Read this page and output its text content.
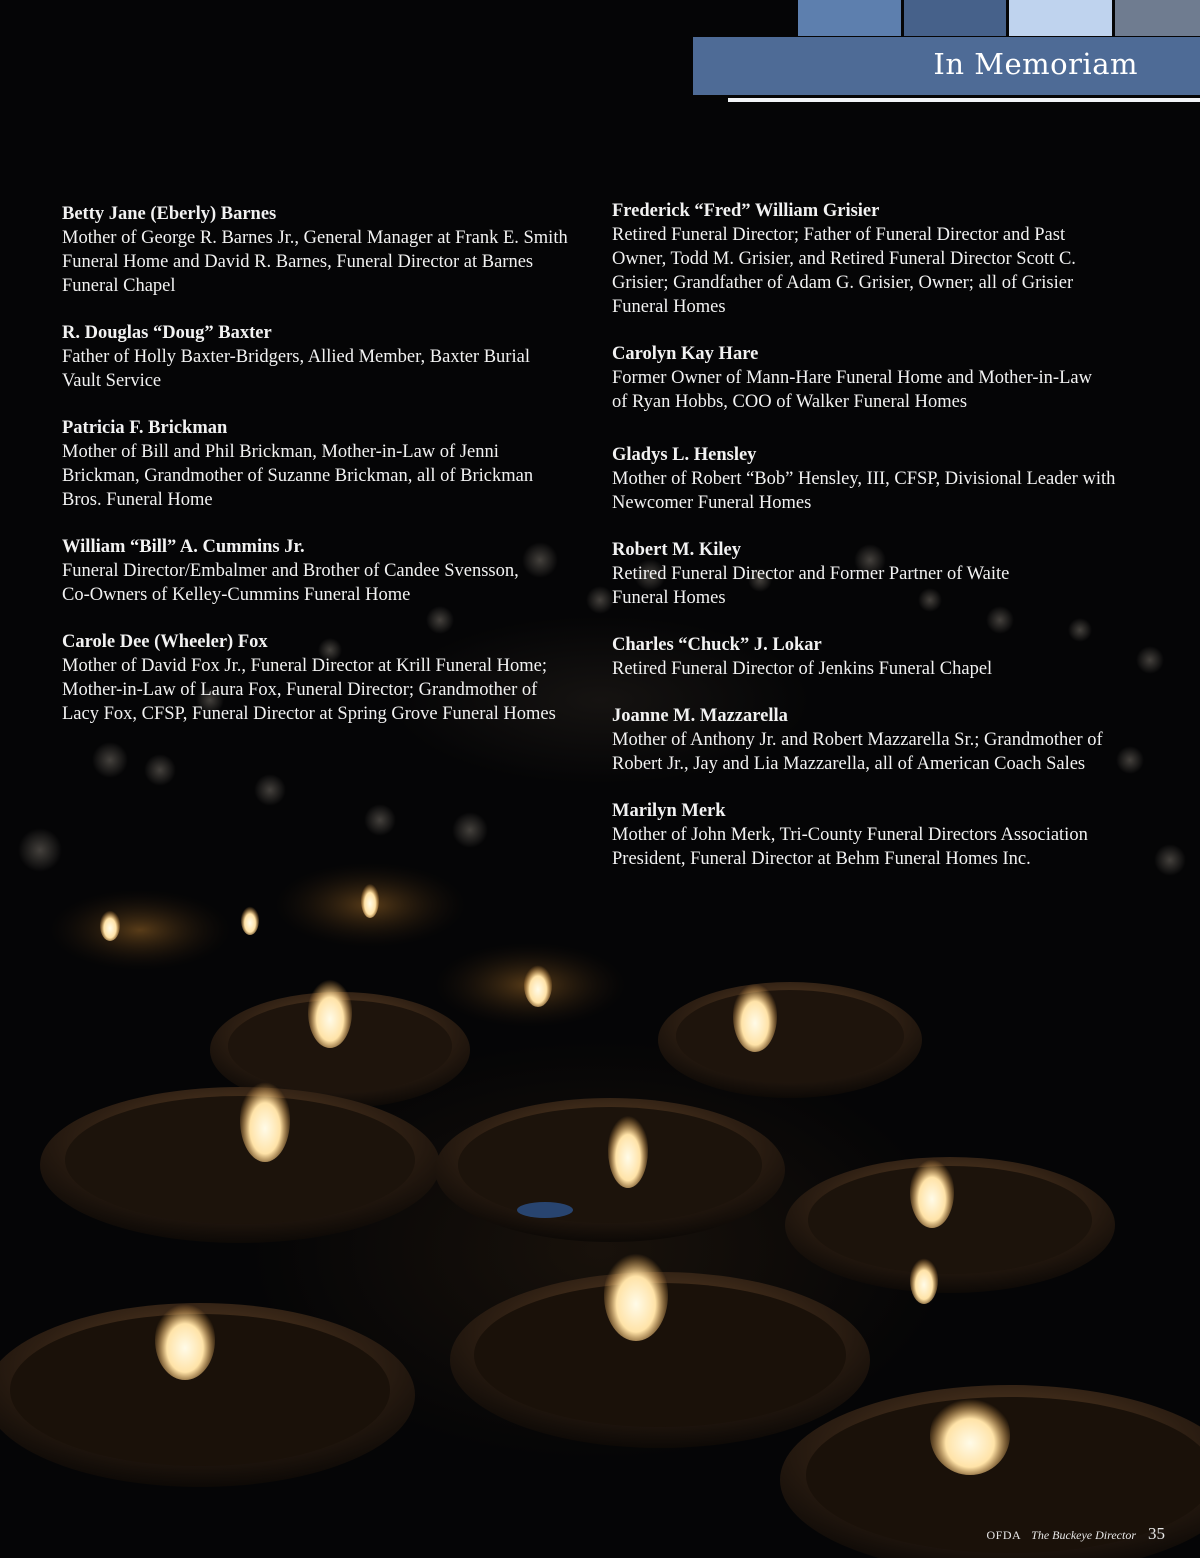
In Memoriam

Betty Jane (Eberly) Barnes

Mother of George R. Barnes Jr., General Manager at Frank E. Smith
Funeral Home and David R. Barnes, Funeral Director at Barnes
Funeral Chapel

R. Douglas “Doug” Baxter

Father of Holly Baxter-Bridgers, Allied Member, Baxter Burial
Vault Service

Patricia F. Brickman

Mother of Bill and Phil Brickman, Mother-in-Law of Jenni
Brickman, Grandmother of Suzanne Brickman, all of Brickman
Bros. Funeral Home

William “Bill” A. Cummins Jr.

Funeral Director/Embalmer and Brother of Candee Svensson,
Co-Owners of Kelley-Cummins Funeral Home

Carole Dee (Wheeler) Fox

Mother of David Fox Jr., Funeral Director at Krill Funeral Home;
Mother-in-Law of Laura Fox, Funeral Director; Grandmother of
Lacy Fox, CFSP, Funeral Director at Spring Grove Funeral Homes

Frederick “Fred” William Grisier

Retired Funeral Director; Father of Funeral Director and Past
Owner, Todd M. Grisier, and Retired Funeral Director Scott C.
Grisier; Grandfather of Adam G. Grisier, Owner; all of Grisier
Funeral Homes

Carolyn Kay Hare

Former Owner of Mann-Hare Funeral Home and Mother-in-Law
of Ryan Hobbs, COO of Walker Funeral Homes

Gladys L. Hensley

Mother of Robert “Bob” Hensley, III, CFSP, Divisional Leader with
Newcomer Funeral Homes

Robert M. Kiley

Retired Funeral Director and Former Partner of Waite
Funeral Homes

Charles “Chuck” J. Lokar

Retired Funeral Director of Jenkins Funeral Chapel

Joanne M. Mazzarella

Mother of Anthony Jr. and Robert Mazzarella Sr.; Grandmother of
Robert Jr., Jay and Lia Mazzarella, all of American Coach Sales

Marilyn Merk

Mother of John Merk, Tri-County Funeral Directors Association
President, Funeral Director at Behm Funeral Homes Inc.

OFDA The Buckeye Director 35
